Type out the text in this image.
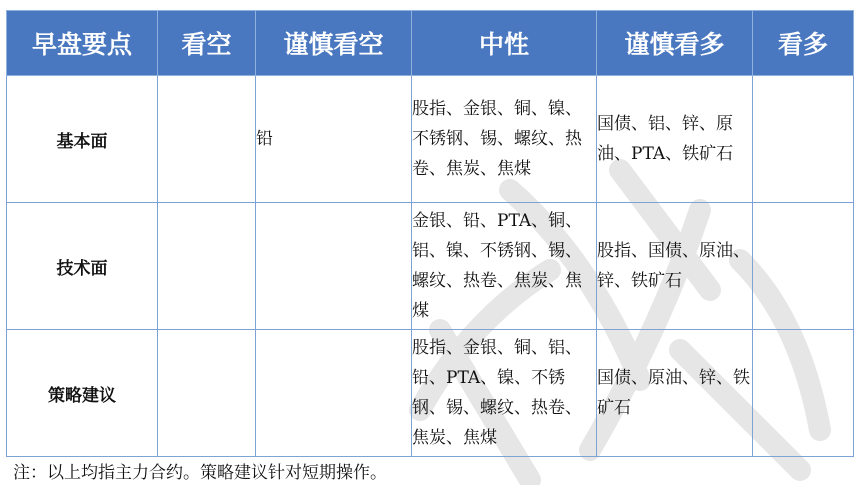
早盘要点	看空	谨慎看空	中性	谨慎看多	看多
基本面		铅	股指、金银、铜、镍、不锈钢、锡、螺纹、热卷、焦炭、焦煤	国债、铝、锌、原油、PTA、铁矿石	

技术面			金银、铅、PTA、铜、铝、镍、不锈钢、锡、螺纹、热卷、焦炭、焦煤	股指、国债、原油、锌、铁矿石	

策略建议			股指、金银、铜、铝、铅、PTA、镍、不锈钢、锡、螺纹、热卷、焦炭、焦煤	国债、原油、锌、铁矿石	

注：以上均指主力合约。策略建议针对短期操作。
